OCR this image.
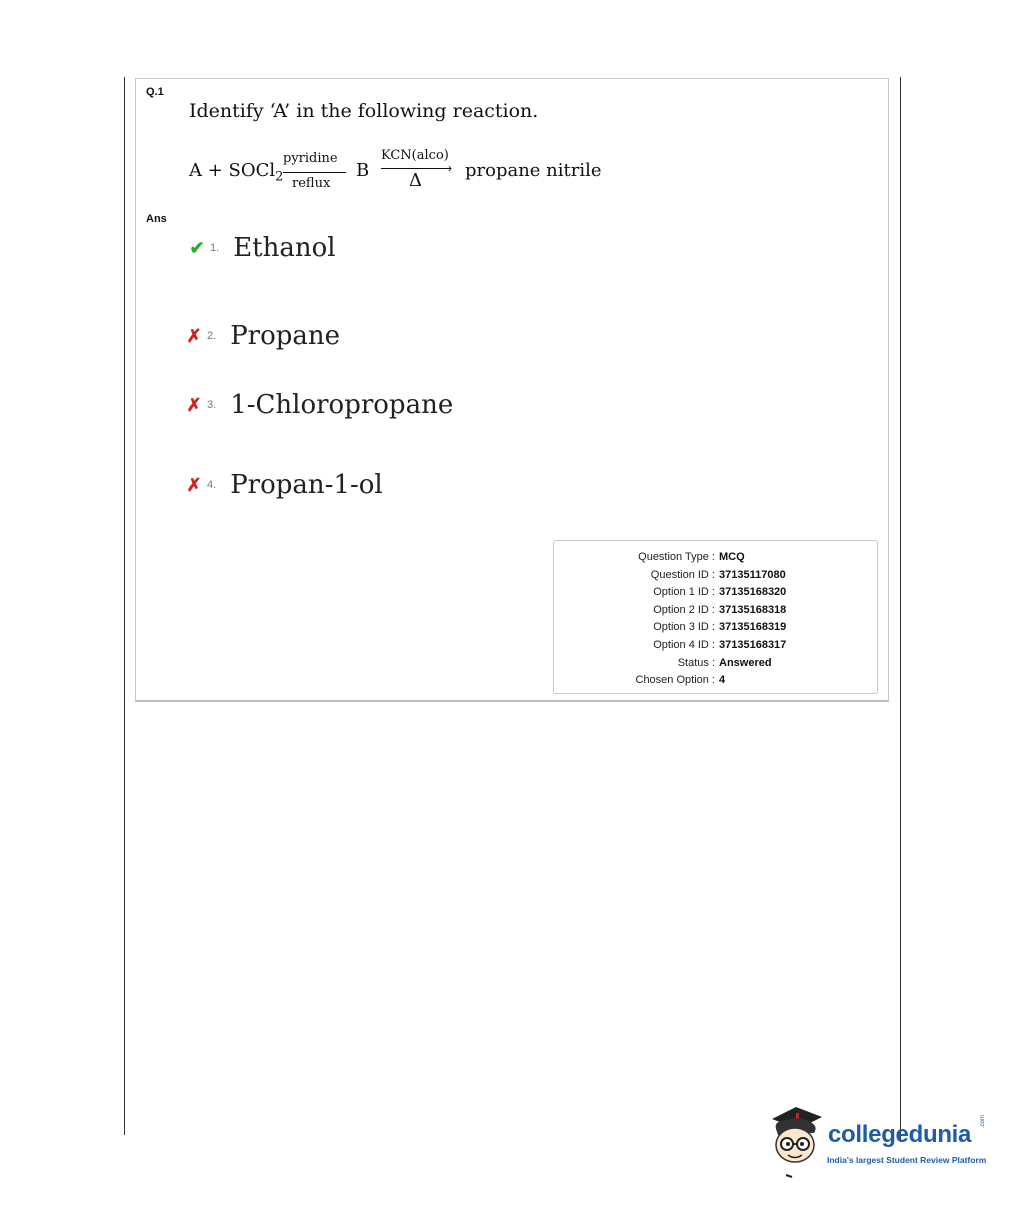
Q.1
Identify ‘A’ in the following reaction.
A + SOCl$_2$
pyridine
reflux
B
KCN(alco)
›
Δ propane nitrile
Ans
✔ 1. Ethanol
✗ 2. Propane
✗ 3. 1-Chloropropane
✗ 4. Propan-1-ol
Question Type : MCQ
Question ID : 37135117080
Option 1 ID : 37135168320
Option 2 ID : 37135168318
Option 3 ID : 37135168319
Option 4 ID : 37135168317
Status : Answered
Chosen Option : 4
collegedunia .com
India's largest Student Review Platform
